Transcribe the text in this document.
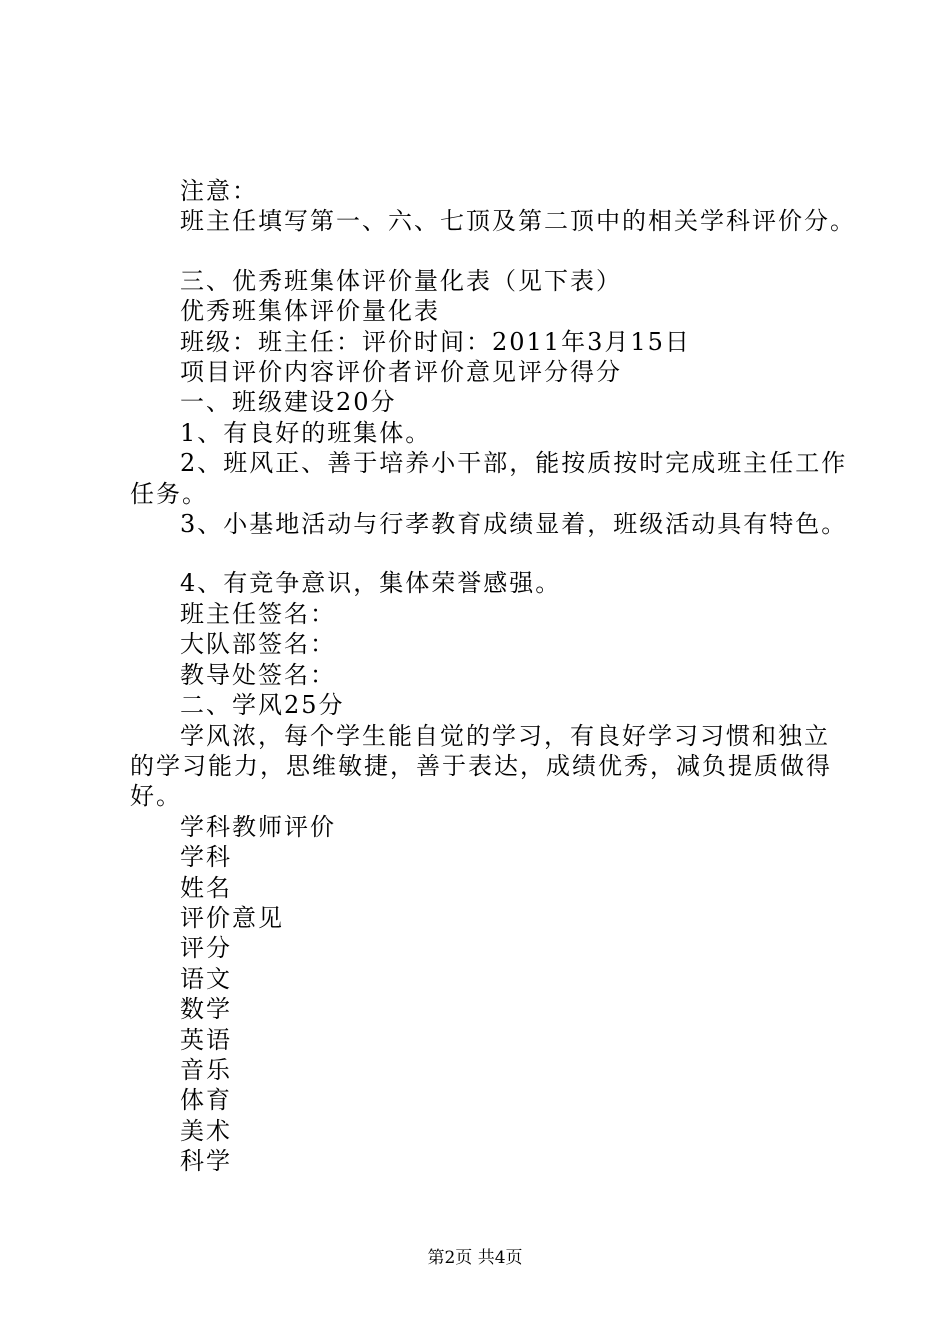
注意：
班主任填写第一、六、七顶及第二顶中的相关学科评价分。
三、优秀班集体评价量化表（见下表）
优秀班集体评价量化表
班级：班主任：评价时间：2011年3月15日
项目评价内容评价者评价意见评分得分
一、班级建设20分
1、有良好的班集体。
2、班风正、善于培养小干部，能按质按时完成班主任工作任务。
3、小基地活动与行孝教育成绩显着，班级活动具有特色。
4、有竞争意识，集体荣誉感强。
班主任签名：
大队部签名：
教导处签名：
二、学风25分
学风浓，每个学生能自觉的学习，有良好学习习惯和独立的学习能力，思维敏捷，善于表达，成绩优秀，减负提质做得好。
学科教师评价
学科
姓名
评价意见
评分
语文
数学
英语
音乐
体育
美术
科学
第2页 共4页
